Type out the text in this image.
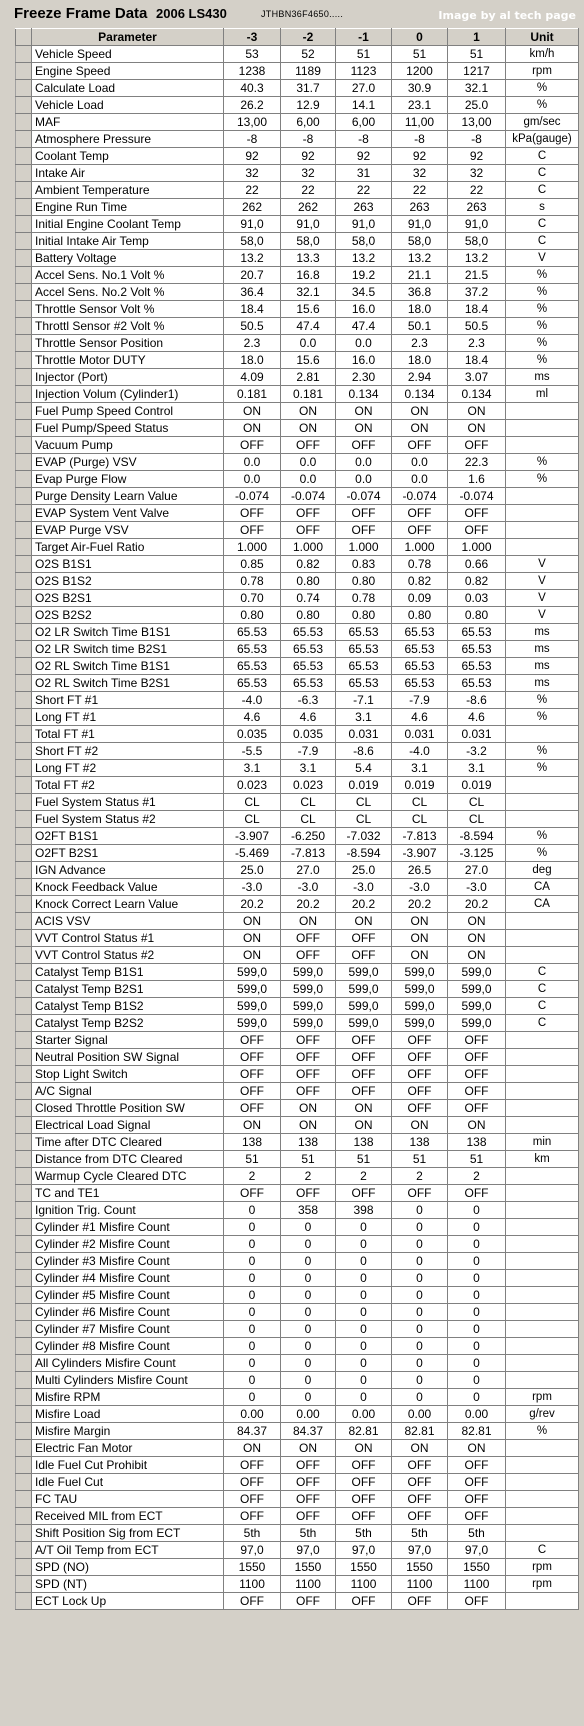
Freeze Frame Data 2006 LS430	JTHBN36F4650.....	Image by al tech page
	Parameter	-3	-2	-1	0	1	Unit
	Vehicle Speed	53	52	51	51	51	km/h
	Engine Speed	1238	1189	1123	1200	1217	rpm
	Calculate Load	40.3	31.7	27.0	30.9	32.1	%
	Vehicle Load	26.2	12.9	14.1	23.1	25.0	%
	MAF	13,00	6,00	6,00	11,00	13,00	gm/sec
	Atmosphere Pressure	-8	-8	-8	-8	-8	kPa(gauge)
	Coolant Temp	92	92	92	92	92	C
	Intake Air	32	32	31	32	32	C
	Ambient Temperature	22	22	22	22	22	C
	Engine Run Time	262	262	263	263	263	s
	Initial Engine Coolant Temp	91,0	91,0	91,0	91,0	91,0	C
	Initial Intake Air Temp	58,0	58,0	58,0	58,0	58,0	C
	Battery Voltage	13.2	13.3	13.2	13.2	13.2	V
	Accel Sens. No.1 Volt %	20.7	16.8	19.2	21.1	21.5	%
	Accel Sens. No.2 Volt %	36.4	32.1	34.5	36.8	37.2	%
	Throttle Sensor Volt %	18.4	15.6	16.0	18.0	18.4	%
	Throttl Sensor #2 Volt %	50.5	47.4	47.4	50.1	50.5	%
	Throttle Sensor Position	2.3	0.0	0.0	2.3	2.3	%
	Throttle Motor DUTY	18.0	15.6	16.0	18.0	18.4	%
	Injector (Port)	4.09	2.81	2.30	2.94	3.07	ms
	Injection Volum (Cylinder1)	0.181	0.181	0.134	0.134	0.134	ml
	Fuel Pump Speed Control	ON	ON	ON	ON	ON	
	Fuel Pump/Speed Status	ON	ON	ON	ON	ON	
	Vacuum Pump	OFF	OFF	OFF	OFF	OFF	
	EVAP (Purge) VSV	0.0	0.0	0.0	0.0	22.3	%
	Evap Purge Flow	0.0	0.0	0.0	0.0	1.6	%
	Purge Density Learn Value	-0.074	-0.074	-0.074	-0.074	-0.074	
	EVAP System Vent Valve	OFF	OFF	OFF	OFF	OFF	
	EVAP Purge VSV	OFF	OFF	OFF	OFF	OFF	
	Target Air-Fuel Ratio	1.000	1.000	1.000	1.000	1.000	
	O2S B1S1	0.85	0.82	0.83	0.78	0.66	V
	O2S B1S2	0.78	0.80	0.80	0.82	0.82	V
	O2S B2S1	0.70	0.74	0.78	0.09	0.03	V
	O2S B2S2	0.80	0.80	0.80	0.80	0.80	V
	O2 LR Switch Time B1S1	65.53	65.53	65.53	65.53	65.53	ms
	O2 LR Switch time B2S1	65.53	65.53	65.53	65.53	65.53	ms
	O2 RL Switch Time B1S1	65.53	65.53	65.53	65.53	65.53	ms
	O2 RL Switch Time B2S1	65.53	65.53	65.53	65.53	65.53	ms
	Short FT #1	-4.0	-6.3	-7.1	-7.9	-8.6	%
	Long FT #1	4.6	4.6	3.1	4.6	4.6	%
	Total FT #1	0.035	0.035	0.031	0.031	0.031	
	Short FT #2	-5.5	-7.9	-8.6	-4.0	-3.2	%
	Long FT #2	3.1	3.1	5.4	3.1	3.1	%
	Total FT #2	0.023	0.023	0.019	0.019	0.019	
	Fuel System Status #1	CL	CL	CL	CL	CL	
	Fuel System Status #2	CL	CL	CL	CL	CL	
	O2FT B1S1	-3.907	-6.250	-7.032	-7.813	-8.594	%
	O2FT B2S1	-5.469	-7.813	-8.594	-3.907	-3.125	%
	IGN Advance	25.0	27.0	25.0	26.5	27.0	deg
	Knock Feedback Value	-3.0	-3.0	-3.0	-3.0	-3.0	CA
	Knock Correct Learn Value	20.2	20.2	20.2	20.2	20.2	CA
	ACIS VSV	ON	ON	ON	ON	ON	
	VVT Control Status #1	ON	OFF	OFF	ON	ON	
	VVT Control Status #2	ON	OFF	OFF	ON	ON	
	Catalyst Temp B1S1	599,0	599,0	599,0	599,0	599,0	C
	Catalyst Temp B2S1	599,0	599,0	599,0	599,0	599,0	C
	Catalyst Temp B1S2	599,0	599,0	599,0	599,0	599,0	C
	Catalyst Temp B2S2	599,0	599,0	599,0	599,0	599,0	C
	Starter Signal	OFF	OFF	OFF	OFF	OFF	
	Neutral Position SW Signal	OFF	OFF	OFF	OFF	OFF	
	Stop Light Switch	OFF	OFF	OFF	OFF	OFF	
	A/C Signal	OFF	OFF	OFF	OFF	OFF	
	Closed Throttle Position SW	OFF	ON	ON	OFF	OFF	
	Electrical Load Signal	ON	ON	ON	ON	ON	
	Time after DTC Cleared	138	138	138	138	138	min
	Distance from DTC Cleared	51	51	51	51	51	km
	Warmup Cycle Cleared DTC	2	2	2	2	2	
	TC and TE1	OFF	OFF	OFF	OFF	OFF	
	Ignition Trig. Count	0	358	398	0	0	
	Cylinder #1 Misfire Count	0	0	0	0	0	
	Cylinder #2 Misfire Count	0	0	0	0	0	
	Cylinder #3 Misfire Count	0	0	0	0	0	
	Cylinder #4 Misfire Count	0	0	0	0	0	
	Cylinder #5 Misfire Count	0	0	0	0	0	
	Cylinder #6 Misfire Count	0	0	0	0	0	
	Cylinder #7 Misfire Count	0	0	0	0	0	
	Cylinder #8 Misfire Count	0	0	0	0	0	
	All Cylinders Misfire Count	0	0	0	0	0	
	Multi Cylinders Misfire Count	0	0	0	0	0	
	Misfire RPM	0	0	0	0	0	rpm
	Misfire Load	0.00	0.00	0.00	0.00	0.00	g/rev
	Misfire Margin	84.37	84.37	82.81	82.81	82.81	%
	Electric Fan Motor	ON	ON	ON	ON	ON	
	Idle Fuel Cut Prohibit	OFF	OFF	OFF	OFF	OFF	
	Idle Fuel Cut	OFF	OFF	OFF	OFF	OFF	
	FC TAU	OFF	OFF	OFF	OFF	OFF	
	Received MIL from ECT	OFF	OFF	OFF	OFF	OFF	
	Shift Position Sig from ECT	5th	5th	5th	5th	5th	
	A/T Oil Temp from ECT	97,0	97,0	97,0	97,0	97,0	C
	SPD (NO)	1550	1550	1550	1550	1550	rpm
	SPD (NT)	1100	1100	1100	1100	1100	rpm
	ECT Lock Up	OFF	OFF	OFF	OFF	OFF	
